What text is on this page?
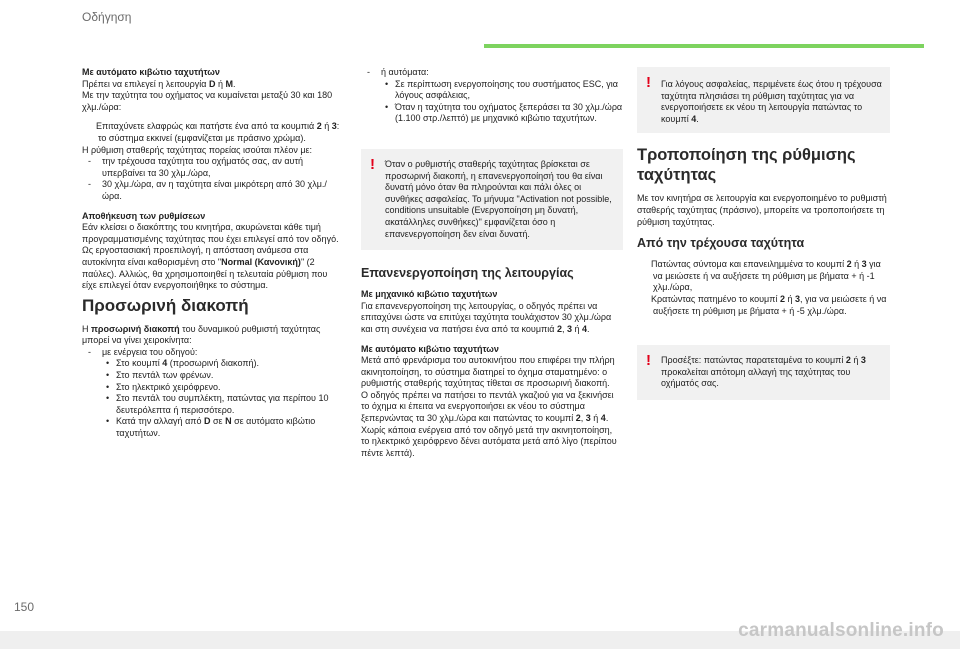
Οδήγηση

Με αυτόματο κιβώτιο ταχυτήτων

Πρέπει να επιλεγεί η λειτουργία D ή M.

Με την ταχύτητα του οχήματος να κυμαίνεται μεταξύ 30 και 180 χλμ./ώρα:

Επιταχύνετε ελαφρώς και πατήστε ένα από τα κουμπιά 2 ή 3: το σύστημα εκκινεί (εμφανίζεται με πράσινο χρώμα).

Η ρύθμιση σταθερής ταχύτητας πορείας ισούται πλέον με:

- την τρέχουσα ταχύτητα του οχήματός σας, αν αυτή υπερβαίνει τα 30 χλμ./ώρα,

- 30 χλμ./ώρα, αν η ταχύτητα είναι μικρότερη από 30 χλμ./ώρα.

Αποθήκευση των ρυθμίσεων

Εάν κλείσει ο διακόπτης του κινητήρα, ακυρώνεται κάθε τιμή προγραμματισμένης ταχύτητας που έχει επιλεγεί από τον οδηγό.

Ως εργοστασιακή προεπιλογή, η απόσταση ανάμεσα στα αυτοκίνητα είναι καθορισμένη στο "Normal (Κανονική)" (2 παύλες). Αλλιώς, θα χρησιμοποιηθεί η τελευταία ρύθμιση που είχε επιλεγεί όταν ενεργοποιήθηκε το σύστημα.

Προσωρινή διακοπή

Η προσωρινή διακοπή του δυναμικού ρυθμιστή ταχύτητας μπορεί να γίνει χειροκίνητα:

- με ενέργεια του οδηγού:

• Στο κουμπί 4 (προσωρινή διακοπή).

• Στο πεντάλ των φρένων.

• Στο ηλεκτρικό χειρόφρενο.

• Στο πεντάλ του συμπλέκτη, πατώντας για περίπου 10 δευτερόλεπτα ή περισσότερο.

• Κατά την αλλαγή από D σε N σε αυτόματο κιβώτιο ταχυτήτων.

- ή αυτόματα:

• Σε περίπτωση ενεργοποίησης του συστήματος ESC, για λόγους ασφάλειας,

• Όταν η ταχύτητα του οχήματος ξεπεράσει τα 30 χλμ./ώρα (1.100 στρ./λεπτό) με μηχανικό κιβώτιο ταχυτήτων.

! Όταν ο ρυθμιστής σταθερής ταχύτητας βρίσκεται σε προσωρινή διακοπή, η επανενεργοποίησή του θα είναι δυνατή μόνο όταν θα πληρούνται και πάλι όλες οι συνθήκες ασφαλείας. Το μήνυμα "Activation not possible, conditions unsuitable (Ενεργοποίηση μη δυνατή, ακατάλληλες συνθήκες)" εμφανίζεται όσο η επανενεργοποίηση δεν είναι δυνατή.

Επανενεργοποίηση της λειτουργίας

Με μηχανικό κιβώτιο ταχυτήτων

Για επανενεργοποίηση της λειτουργίας, ο οδηγός πρέπει να επιταχύνει ώστε να επιτύχει ταχύτητα τουλάχιστον 30 χλμ./ώρα και στη συνέχεια να πατήσει ένα από τα κουμπιά 2, 3 ή 4.

Με αυτόματο κιβώτιο ταχυτήτων

Μετά από φρενάρισμα του αυτοκινήτου που επιφέρει την πλήρη ακινητοποίηση, το σύστημα διατηρεί το όχημα σταματημένο: ο ρυθμιστής σταθερής ταχύτητας τίθεται σε προσωρινή διακοπή.

Ο οδηγός πρέπει να πατήσει το πεντάλ γκαζιού για να ξεκινήσει το όχημα κι έπειτα να ενεργοποιήσει εκ νέου το σύστημα ξεπερνώντας τα 30 χλμ./ώρα και πατώντας το κουμπί 2, 3 ή 4.

Χωρίς κάποια ενέργεια από τον οδηγό μετά την ακινητοποίηση, το ηλεκτρικό χειρόφρενο δένει αυτόματα μετά από λίγο (περίπου πέντε λεπτά).

! Για λόγους ασφαλείας, περιμένετε έως ότου η τρέχουσα ταχύτητα πλησιάσει τη ρύθμιση ταχύτητας για να ενεργοποιήσετε εκ νέου τη λειτουργία πατώντας το κουμπί 4.

Τροποποίηση της ρύθμισης ταχύτητας

Με τον κινητήρα σε λειτουργία και ενεργοποιημένο το ρυθμιστή σταθερής ταχύτητας (πράσινο), μπορείτε να τροποποιήσετε τη ρύθμιση ταχύτητας.

Από την τρέχουσα ταχύτητα

Πατώντας σύντομα και επανειλημμένα το κουμπί 2 ή 3 για να μειώσετε ή να αυξήσετε τη ρύθμιση με βήματα + ή -1 χλμ./ώρα,

Κρατώντας πατημένο το κουμπί 2 ή 3, για να μειώσετε ή να αυξήσετε τη ρύθμιση με βήματα + ή -5 χλμ./ώρα.

! Προσέξτε: πατώντας παρατεταμένα το κουμπί 2 ή 3 προκαλείται απότομη αλλαγή της ταχύτητας του οχήματός σας.

150
carmanualsonline.info
